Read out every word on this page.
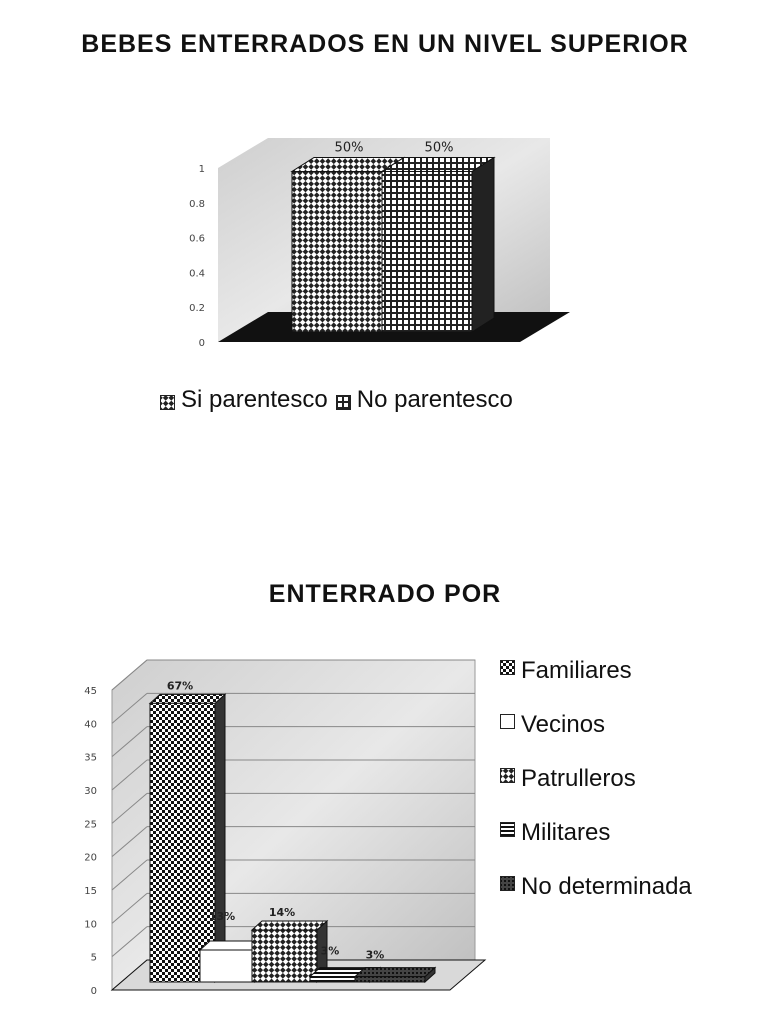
BEBES ENTERRADOS EN UN NIVEL SUPERIOR
ENTERRADO POR
0
0.2
0.4
0.6
0.8
1
50%	50%
0
5
10
15
20
25
30
35
40
45	67%
13%	14%
3% 3%
Si parentesco No parentesco
Familiares
Vecinos
Patrulleros
Militares
No determinada
